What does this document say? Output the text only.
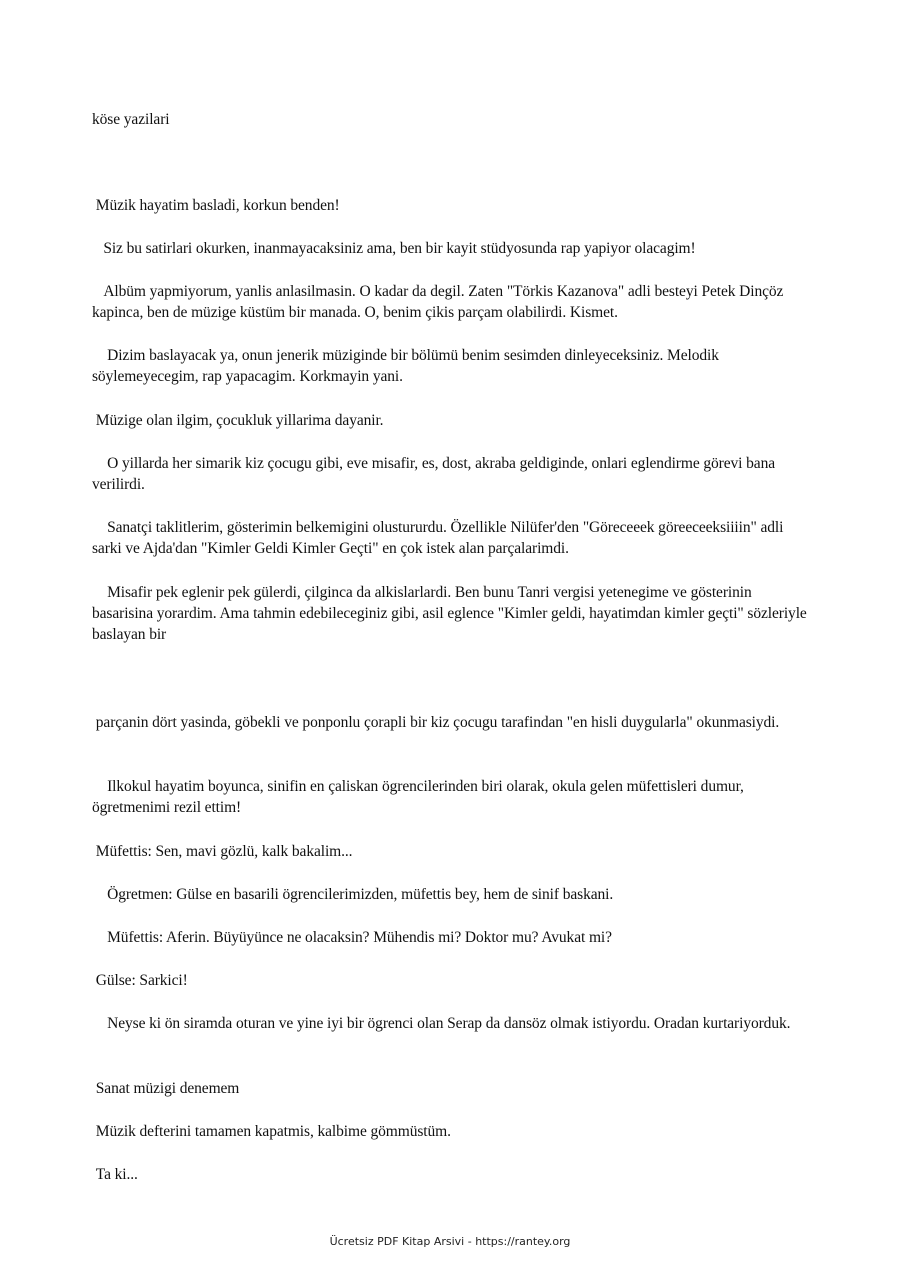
köse yazilari

Müzik hayatim basladi, korkun benden!

Siz bu satirlari okurken, inanmayacaksiniz ama, ben bir kayit stüdyosunda rap yapiyor olacagim!

Albüm yapmiyorum, yanlis anlasilmasin. O kadar da degil. Zaten "Törkis Kazanova" adli besteyi Petek Dinçöz kapinca, ben de müzige küstüm bir manada. O, benim çikis parçam olabilirdi. Kismet.

Dizim baslayacak ya, onun jenerik müziginde bir bölümü benim sesimden dinleyeceksiniz. Melodik söylemeyecegim, rap yapacagim. Korkmayin yani.

Müzige olan ilgim, çocukluk yillarima dayanir.

O yillarda her simarik kiz çocugu gibi, eve misafir, es, dost, akraba geldiginde, onlari eglendirme görevi bana verilirdi.

Sanatçi taklitlerim, gösterimin belkemigini olustururdu. Özellikle Nilüfer'den "Göreceeek göreeceeksiiiin" adli sarki ve Ajda'dan "Kimler Geldi Kimler Geçti" en çok istek alan parçalarimdi.

Misafir pek eglenir pek gülerdi, çilginca da alkislarlardi. Ben bunu Tanri vergisi yetenegime ve gösterinin basarisina yorardim. Ama tahmin edebileceginiz gibi, asil eglence "Kimler geldi, hayatimdan kimler geçti" sözleriyle baslayan bir

parçanin dört yasinda, göbekli ve ponponlu çorapli bir kiz çocugu tarafindan "en hisli duygularla" okunmasiydi.

Ilkokul hayatim boyunca, sinifin en çaliskan ögrencilerinden biri olarak, okula gelen müfettisleri dumur, ögretmenimi rezil ettim!

Müfettis: Sen, mavi gözlü, kalk bakalim...

Ögretmen: Gülse en basarili ögrencilerimizden, müfettis bey, hem de sinif baskani.

Müfettis: Aferin. Büyüyünce ne olacaksin? Mühendis mi? Doktor mu? Avukat mi?

Gülse: Sarkici!

Neyse ki ön siramda oturan ve yine iyi bir ögrenci olan Serap da dansöz olmak istiyordu. Oradan kurtariyorduk.

Sanat müzigi denemem

Müzik defterini tamamen kapatmis, kalbime gömmüstüm.

Ta ki...

Ücretsiz PDF Kitap Arsivi - https://rantey.org
